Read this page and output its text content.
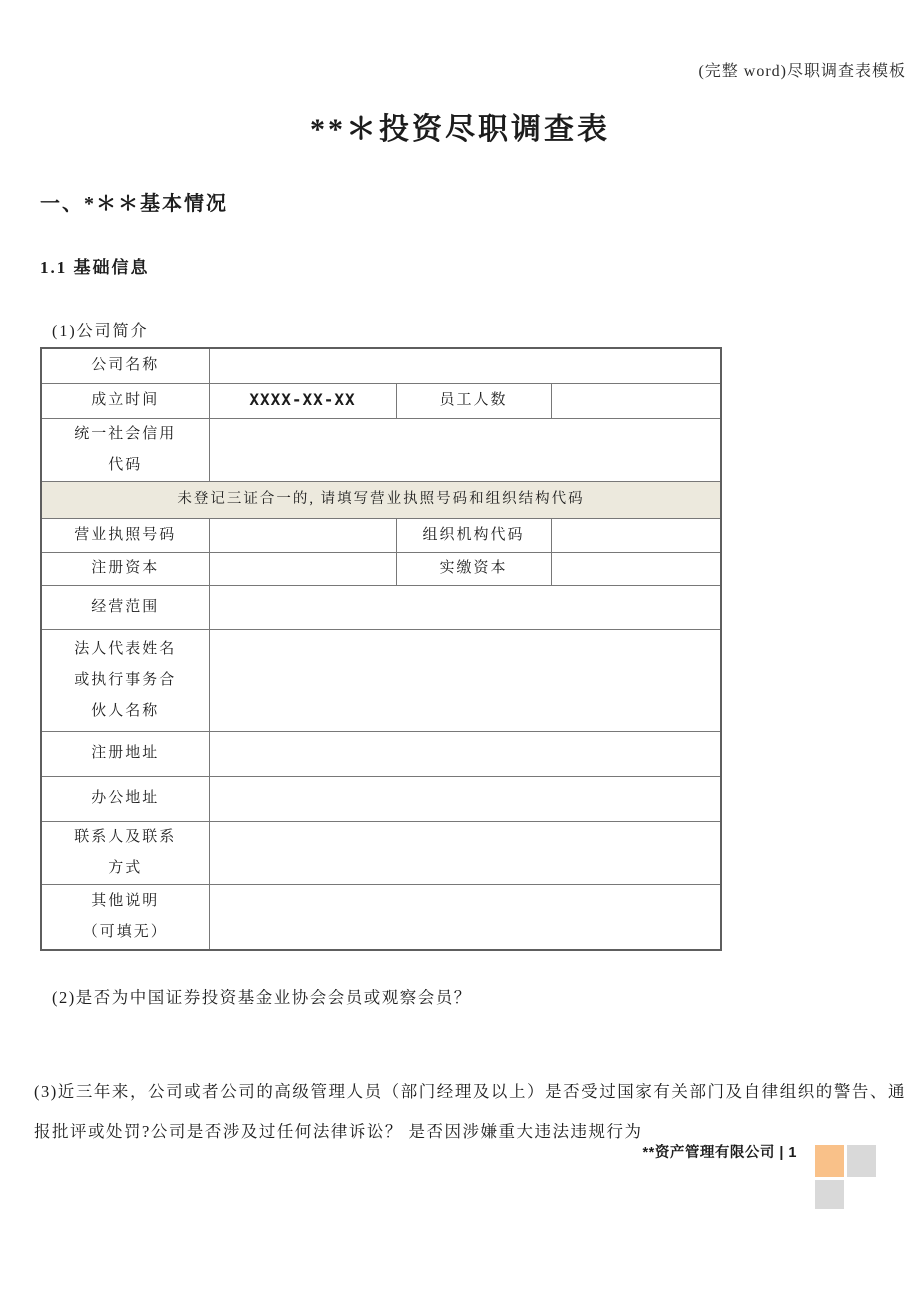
(完整 word)尽职调查表模板
**＊投资尽职调查表
一、*＊＊基本情况
1.1 基础信息
(1)公司简介
公司名称			
成立时间	XXXX-XX-XX	员工人数	
统一社会信用代码			
未登记三证合一的, 请填写营业执照号码和组织结构代码			
营业执照号码		组织机构代码	
注册资本		实缴资本	
经营范围			
法人代表姓名或执行事务合伙人名称			
注册地址			
办公地址			
联系人及联系方式			

其他说明
（可填无）			

(2)是否为中国证券投资基金业协会会员或观察会员？
(3)近三年来，公司或者公司的高级管理人员（部门经理及以上）是否受过国家有关部门及自律组织的警告、通报批评或处罚?公司是否涉及过任何法律诉讼？ 是否因涉嫌重大违法违规行为
**资产管理有限公司 | 1
